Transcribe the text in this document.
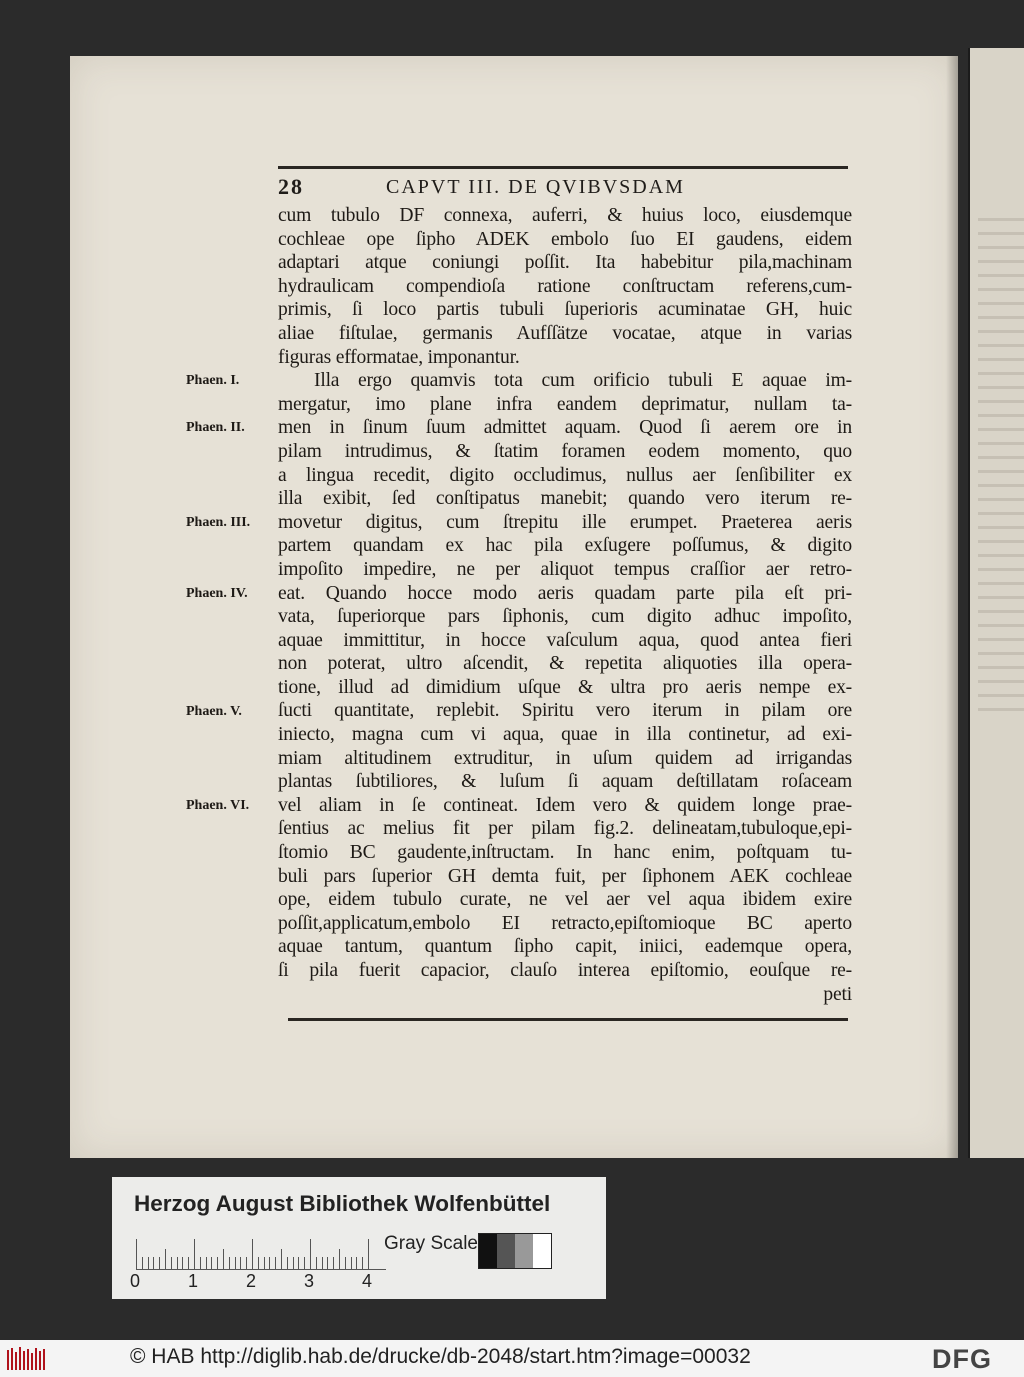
28	CAPVT III. DE QVIBVSDAM
cum tubulo DF connexa, auferri, & huius loco, eiusdemque
cochleae ope ſipho ADEK embolo ſuo EI gaudens, eidem
adaptari atque coniungi poſſit. Ita habebitur pila,machinam
hydraulicam compendioſa ratione conſtructam referens,cum-
primis, ſi loco partis tubuli ſuperioris acuminatae GH, huic
aliae fiſtulae, germanis Aufſſätze vocatae, atque in varias
figuras efformatae, imponantur.
Illa ergo quamvis tota cum orificio tubuli E aquae im-
mergatur, imo plane infra eandem deprimatur, nullam ta-
men in ſinum ſuum admittet aquam. Quod ſi aerem ore in
pilam intrudimus, & ſtatim foramen eodem momento, quo
a lingua recedit, digito occludimus, nullus aer ſenſibiliter ex
illa exibit, ſed conſtipatus manebit; quando vero iterum re-
movetur digitus, cum ſtrepitu ille erumpet. Praeterea aeris
partem quandam ex hac pila exſugere poſſumus, & digito
impoſito impedire, ne per aliquot tempus craſſior aer retro-
eat. Quando hocce modo aeris quadam parte pila eſt pri-
vata, ſuperiorque pars ſiphonis, cum digito adhuc impoſito,
aquae immittitur, in hocce vaſculum aqua, quod antea fieri
non poterat, ultro aſcendit, & repetita aliquoties illa opera-
tione, illud ad dimidium uſque & ultra pro aeris nempe ex-
ſucti quantitate, replebit. Spiritu vero iterum in pilam ore
iniecto, magna cum vi aqua, quae in illa continetur, ad exi-
miam altitudinem extruditur, in uſum quidem ad irrigandas
plantas ſubtiliores, & luſum ſi aquam deſtillatam roſaceam
vel aliam in ſe contineat. Idem vero & quidem longe prae-
ſentius ac melius fit per pilam fig.2. delineatam,tubuloque,epi-
ſtomio BC gaudente,inſtructam. In hanc enim, poſtquam tu-
buli pars ſuperior GH demta fuit, per ſiphonem AEK cochleae
ope, eidem tubulo curate, ne vel aer vel aqua ibidem exire
poſſit,applicatum,embolo EI retracto,epiſtomioque BC aperto
aquae tantum, quantum ſipho capit, iniici, eademque opera,
ſi pila fuerit capacior, clauſo interea epiſtomio, eouſque re-
peti
Phaen. I.
Phaen. II.
Phaen. III.
Phaen. IV.
Phaen. V.
Phaen. VI.
Herzog August Bibliothek Wolfenbüttel
0	1	2	3	4
Gray Scale
© HAB http://diglib.hab.de/drucke/db-2048/start.htm?image=00032	DFG
